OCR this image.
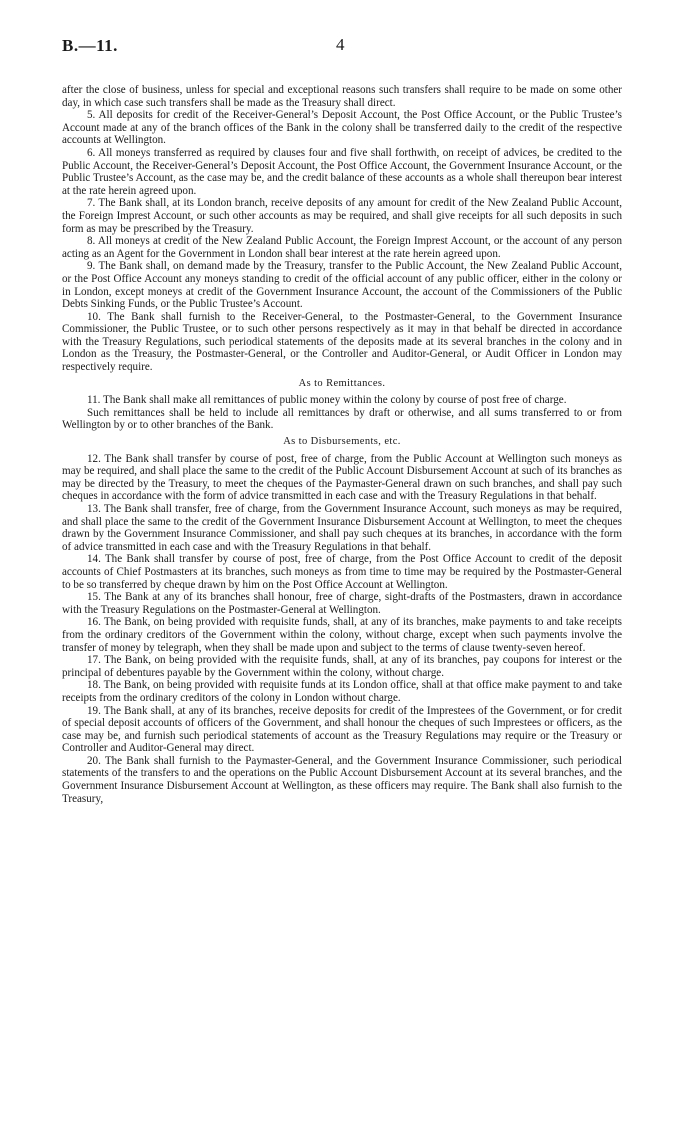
B.—11.	4

after the close of business, unless for special and exceptional reasons such transfers shall require to be made on some other day, in which case such transfers shall be made as the Treasury shall direct.

5. All deposits for credit of the Receiver-General’s Deposit Account, the Post Office Account, or the Public Trustee’s Account made at any of the branch offices of the Bank in the colony shall be transferred daily to the credit of the respective accounts at Wellington.

6. All moneys transferred as required by clauses four and five shall forthwith, on receipt of advices, be credited to the Public Account, the Receiver-General’s Deposit Account, the Post Office Account, the Government Insurance Account, or the Public Trustee’s Account, as the case may be, and the credit balance of these accounts as a whole shall thereupon bear interest at the rate herein agreed upon.

7. The Bank shall, at its London branch, receive deposits of any amount for credit of the New Zealand Public Account, the Foreign Imprest Account, or such other accounts as may be required, and shall give receipts for all such deposits in such form as may be prescribed by the Treasury.

8. All moneys at credit of the New Zealand Public Account, the Foreign Imprest Account, or the account of any person acting as an Agent for the Government in London shall bear interest at the rate herein agreed upon.

9. The Bank shall, on demand made by the Treasury, transfer to the Public Account, the New Zealand Public Account, or the Post Office Account any moneys standing to credit of the official account of any public officer, either in the colony or in London, except moneys at credit of the Government Insurance Account, the account of the Commissioners of the Public Debts Sinking Funds, or the Public Trustee’s Account.

10. The Bank shall furnish to the Receiver-General, to the Postmaster-General, to the Government Insurance Commissioner, the Public Trustee, or to such other persons respectively as it may in that behalf be directed in accordance with the Treasury Regulations, such periodical statements of the deposits made at its several branches in the colony and in London as the Treasury, the Postmaster-General, or the Controller and Auditor-General, or Audit Officer in London may respectively require.

As to Remittances.

11. The Bank shall make all remittances of public money within the colony by course of post free of charge.

Such remittances shall be held to include all remittances by draft or otherwise, and all sums transferred to or from Wellington by or to other branches of the Bank.

As to Disbursements, etc.

12. The Bank shall transfer by course of post, free of charge, from the Public Account at Wellington such moneys as may be required, and shall place the same to the credit of the Public Account Disbursement Account at such of its branches as may be directed by the Treasury, to meet the cheques of the Paymaster-General drawn on such branches, and shall pay such cheques in accordance with the form of advice transmitted in each case and with the Treasury Regulations in that behalf.

13. The Bank shall transfer, free of charge, from the Government Insurance Account, such moneys as may be required, and shall place the same to the credit of the Government Insurance Disbursement Account at Wellington, to meet the cheques drawn by the Government Insurance Commissioner, and shall pay such cheques at its branches, in accordance with the form of advice transmitted in each case and with the Treasury Regulations in that behalf.

14. The Bank shall transfer by course of post, free of charge, from the Post Office Account to credit of the deposit accounts of Chief Postmasters at its branches, such moneys as from time to time may be required by the Postmaster-General to be so transferred by cheque drawn by him on the Post Office Account at Wellington.

15. The Bank at any of its branches shall honour, free of charge, sight-drafts of the Postmasters, drawn in accordance with the Treasury Regulations on the Postmaster-General at Wellington.

16. The Bank, on being provided with requisite funds, shall, at any of its branches, make payments to and take receipts from the ordinary creditors of the Government within the colony, without charge, except when such payments involve the transfer of money by telegraph, when they shall be made upon and subject to the terms of clause twenty-seven hereof.

17. The Bank, on being provided with the requisite funds, shall, at any of its branches, pay coupons for interest or the principal of debentures payable by the Government within the colony, without charge.

18. The Bank, on being provided with requisite funds at its London office, shall at that office make payment to and take receipts from the ordinary creditors of the colony in London without charge.

19. The Bank shall, at any of its branches, receive deposits for credit of the Imprestees of the Government, or for credit of special deposit accounts of officers of the Government, and shall honour the cheques of such Imprestees or officers, as the case may be, and furnish such periodical statements of account as the Treasury Regulations may require or the Treasury or Controller and Auditor-General may direct.

20. The Bank shall furnish to the Paymaster-General, and the Government Insurance Commissioner, such periodical statements of the transfers to and the operations on the Public Account Disbursement Account at its several branches, and the Government Insurance Disbursement Account at Wellington, as these officers may require. The Bank shall also furnish to the Treasury,
